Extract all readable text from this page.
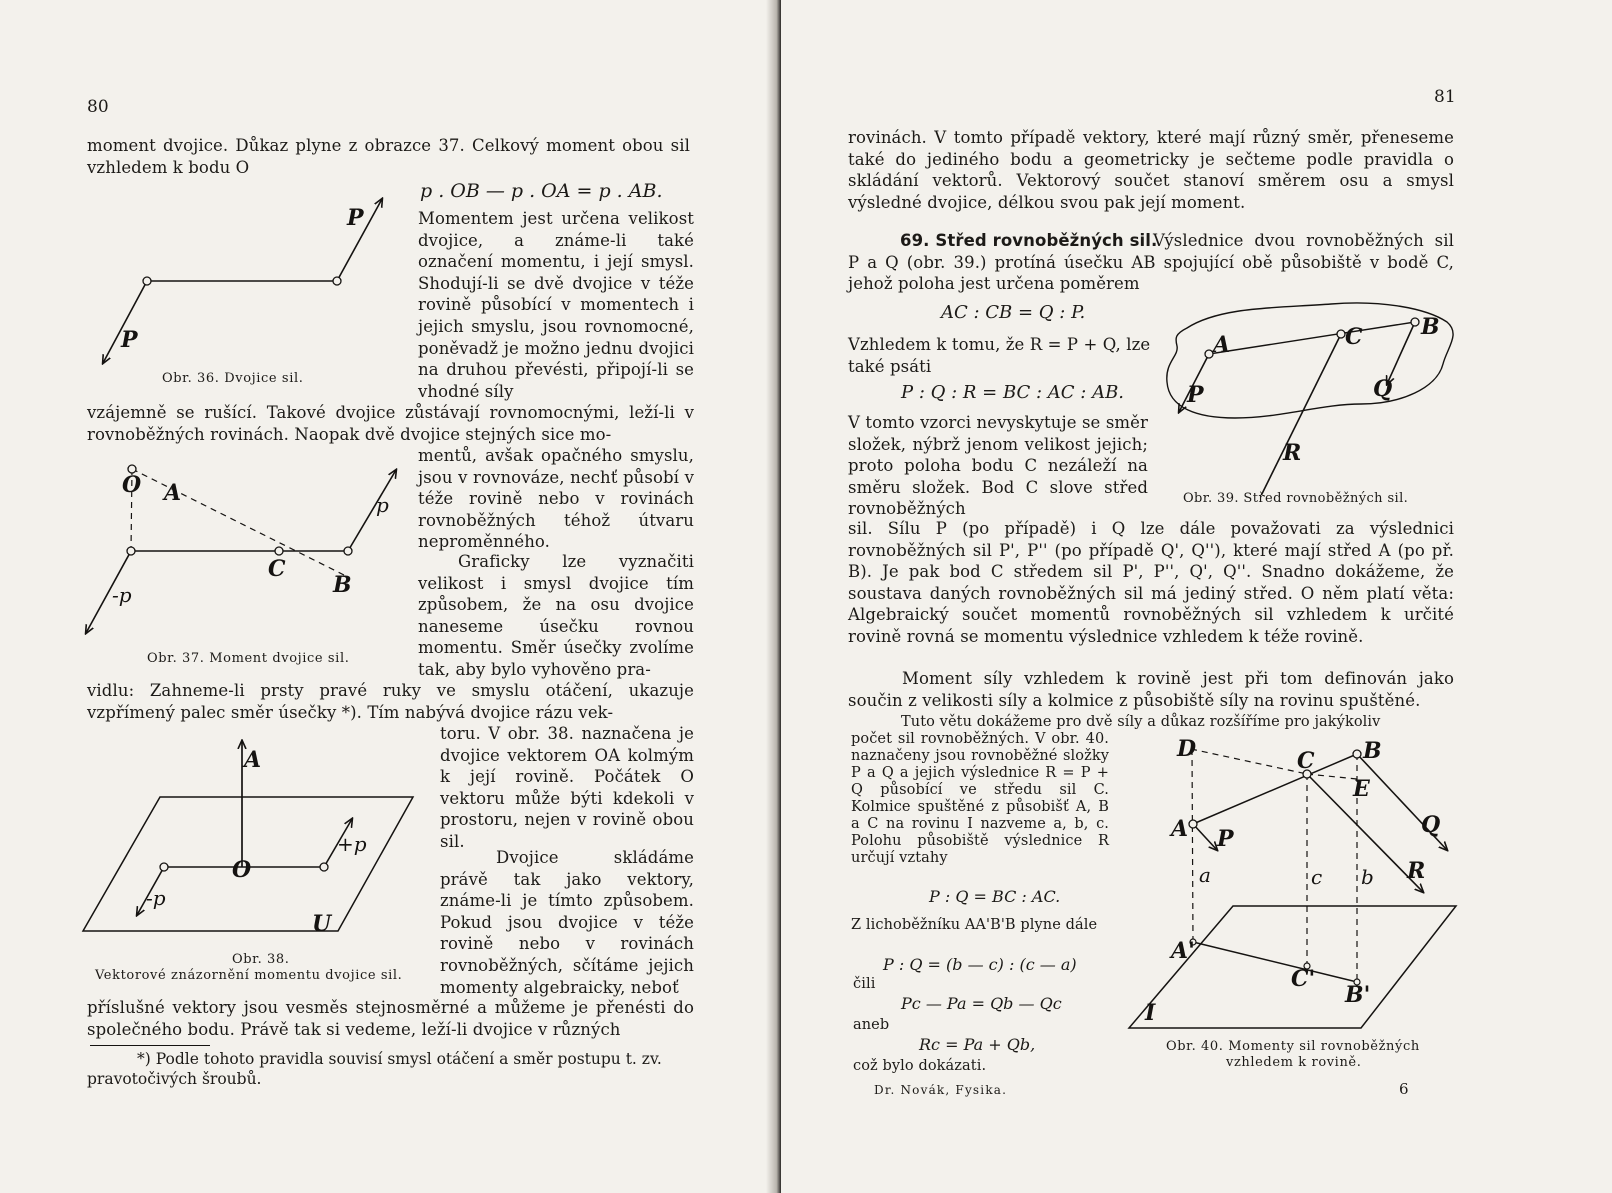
80

moment dvojice. Důkaz plyne z obrazce 37. Celkový moment obou sil vzhledem k bodu O

p . OB — p . OA = p . AB.

Momentem jest určena velikost dvojice, a známe-li také označení momentu, i její smysl. Shodují-li se dvě dvojice v téže rovině působící v momentech i jejich smyslu, jsou rovnomocné, poněvadž je možno jednu dvojici na druhou převésti, připojí-li se vhodné síly

P
P
Obr. 36. Dvojice sil.

vzájemně se rušící. Takové dvojice zůstávají rovnomocnými, leží-li v rovnoběžných rovinách. Naopak dvě dvojice stejných sice mo-

mentů, avšak opačného smyslu, jsou v rovnováze, nechť působí v téže rovině nebo v rovinách rovnoběžných téhož útvaru neproměnného.

O A
C
B
p
-p
Obr. 37. Moment dvojice sil.

Graficky lze vyznačiti velikost i smysl dvojice tím způsobem, že na osu dvojice naneseme úsečku rovnou momentu. Směr úsečky zvolíme tak, aby bylo vyhověno pra-

vidlu: Zahneme-li prsty pravé ruky ve smyslu otáčení, ukazuje vzpřímený palec směr úsečky *). Tím nabývá dvojice rázu vek-

toru. V obr. 38. naznačena je dvojice vektorem OA kolmým k její rovině. Počátek O vektoru může býti kdekoli v prostoru, nejen v rovině obou sil.

A
O
+p
-p
U
Obr. 38.
Vektorové znázornění momentu dvojice sil.

Dvojice skládáme právě tak jako vektory, známe-li je tímto způsobem. Pokud jsou dvojice v téže rovině nebo v rovinách rovnoběžných, sčítáme jejich momenty algebraicky, neboť

příslušné vektory jsou vesměs stejnosměrné a můžeme je přenésti do společného bodu. Právě tak si vedeme, leží-li dvojice v různých

*) Podle tohoto pravidla souvisí smysl otáčení a směr postupu t. zv. pravotočivých šroubů.

81

rovinách. V tomto případě vektory, které mají různý směr, přeneseme také do jediného bodu a geometricky je sečteme podle pravidla o skládání vektorů. Vektorový součet stanoví směrem osu a smysl výsledné dvojice, délkou svou pak její moment.

69. Střed rovnoběžných sil.

Výslednice dvou rovnoběžných sil P a Q (obr. 39.) protíná úsečku AB spojující obě působiště v bodě C, jehož poloha jest určena poměrem

AC : CB = Q : P.

Vzhledem k tomu, že R = P + Q, lze také psáti

P : Q : R = BC : AC : AB.

V tomto vzorci nevyskytuje se směr složek, nýbrž jenom velikost jejich; proto poloha bodu C nezáleží na směru složek. Bod C slove střed rovnoběžných

A	C	B
P	Q
R
Obr. 39. Střed rovnoběžných sil.

sil. Sílu P (po případě) i Q lze dále považovati za výslednici rovnoběžných sil P', P'' (po případě Q', Q''), které mají střed A (po př. B). Je pak bod C středem sil P', P'', Q', Q''. Snadno dokážeme, že soustava daných rovnoběžných sil má jediný střed. O něm platí věta: Algebraický součet momentů rovnoběžných sil vzhledem k určité rovině rovná se momentu výslednice vzhledem k téže rovině.

Moment síly vzhledem k rovině jest při tom definován jako součin z velikosti síly a kolmice z působiště síly na rovinu spuštěné.

Tuto větu dokážeme pro dvě síly a důkaz rozšíříme pro jakýkoliv

počet sil rovnoběžných. V obr. 40. naznačeny jsou rovnoběžné složky P a Q a jejich výslednice R = P + Q působící ve středu sil C. Kolmice spuštěné z působišť A, B a C na rovinu I nazveme a, b, c. Polohu působiště výslednice R určují vztahy

P : Q = BC : AC.

Z lichoběžníku AA'B'B plyne dále

P : Q = (b — c) : (c — a)

čili

Pc — Pa = Qb — Qc

aneb

Rc = Pa + Qb,

což bylo dokázati.

D	C B
E
A P
Q
R
a	c b
A'
C'
B'
I
Obr. 40. Momenty sil rovnoběžných
vzhledem k rovině.
Dr. Novák, Fysika.	6
